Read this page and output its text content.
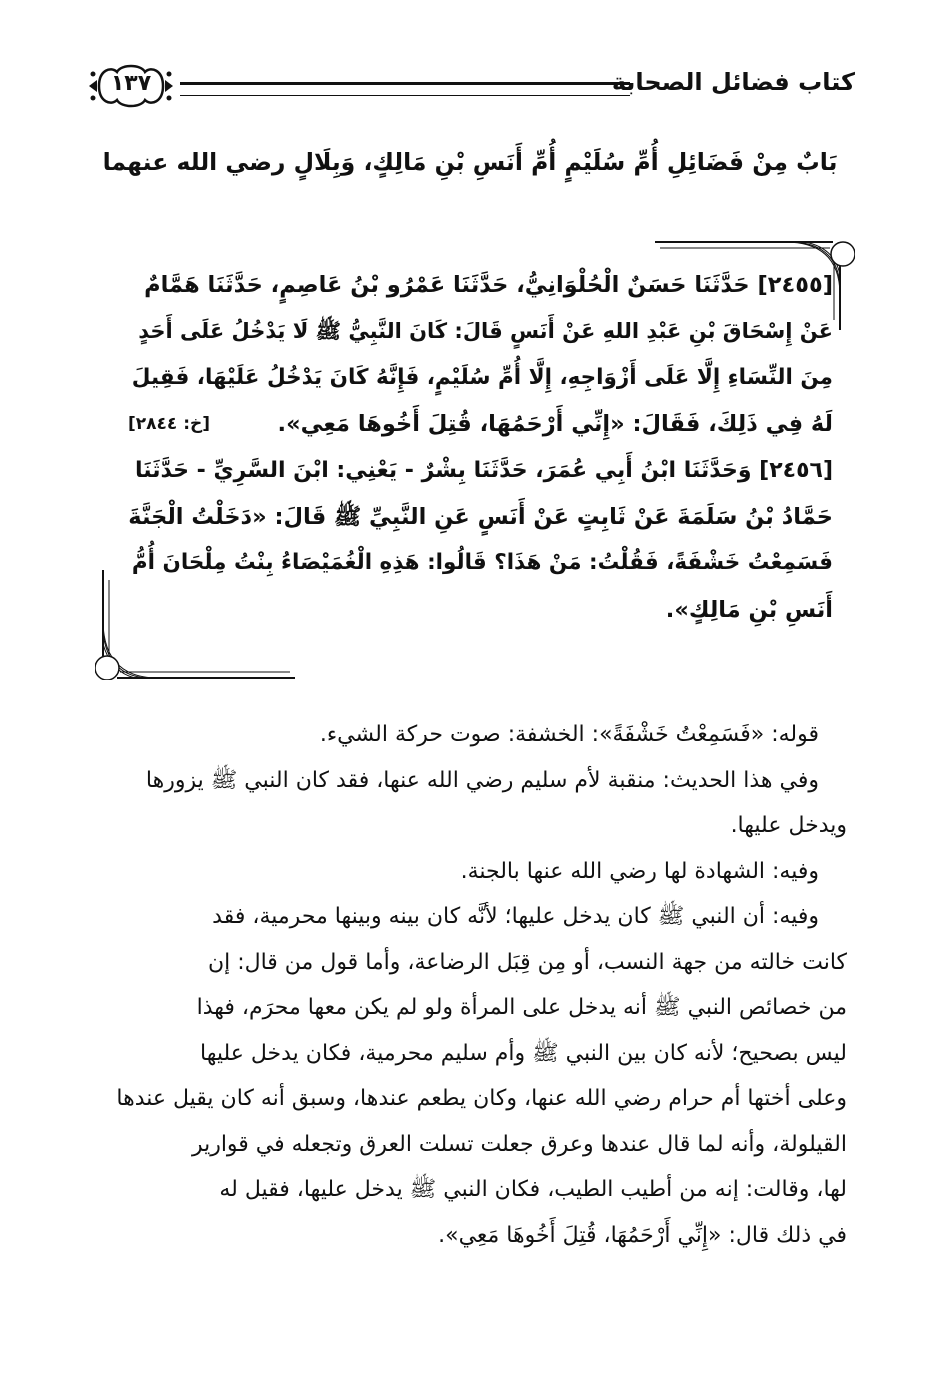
١٣٧	كتاب فضائل الصحابة
بَابٌ مِنْ فَضَائِلِ أُمِّ سُلَيْمٍ أُمِّ أَنَسِ بْنِ مَالِكٍ، وَبِلَالٍ رضي الله عنهما
[٢٤٥٥] حَدَّثَنَا حَسَنٌ الْحُلْوَانِيُّ، حَدَّثَنَا عَمْرُو بْنُ عَاصِمٍ، حَدَّثَنَا هَمَّامٌ
عَنْ إِسْحَاقَ بْنِ عَبْدِ اللهِ عَنْ أَنَسٍ قَالَ: كَانَ النَّبِيُّ ﷺ لَا يَدْخُلُ عَلَى أَحَدٍ
مِنَ النِّسَاءِ إِلَّا عَلَى أَزْوَاجِهِ، إِلَّا أُمِّ سُلَيْمٍ، فَإِنَّهُ كَانَ يَدْخُلُ عَلَيْهَا، فَقِيلَ
لَهُ فِي ذَلِكَ، فَقَالَ: «إِنِّي أَرْحَمُهَا، قُتِلَ أَخُوهَا مَعِي».
[خ: ٢٨٤٤]
[٢٤٥٦] وَحَدَّثَنَا ابْنُ أَبِي عُمَرَ، حَدَّثَنَا بِشْرٌ - يَعْنِي: ابْنَ السَّرِيِّ - حَدَّثَنَا
حَمَّادُ بْنُ سَلَمَةَ عَنْ ثَابِتٍ عَنْ أَنَسٍ عَنِ النَّبِيِّ ﷺ قَالَ: «دَخَلْتُ الْجَنَّةَ
فَسَمِعْتُ خَشْفَةً، فَقُلْتُ: مَنْ هَذَا؟ قَالُوا: هَذِهِ الْغُمَيْصَاءُ بِنْتُ مِلْحَانَ أُمُّ
أَنَسِ بْنِ مَالِكٍ».
قوله: «فَسَمِعْتُ خَشْفَةً»: الخشفة: صوت حركة الشيء.
وفي هذا الحديث: منقبة لأم سليم رضي الله عنها، فقد كان النبي ﷺ يزورها
ويدخل عليها.
وفيه: الشهادة لها رضي الله عنها بالجنة.
وفيه: أن النبي ﷺ كان يدخل عليها؛ لأنَّه كان بينه وبينها محرمية، فقد
كانت خالته من جهة النسب، أو مِن قِبَل الرضاعة، وأما قول من قال: إن
من خصائص النبي ﷺ أنه يدخل على المرأة ولو لم يكن معها محرَم، فهذا
ليس بصحيح؛ لأنه كان بين النبي ﷺ وأم سليم محرمية، فكان يدخل عليها
وعلى أختها أم حرام رضي الله عنها، وكان يطعم عندها، وسبق أنه كان يقيل عندها
القيلولة، وأنه لما قال عندها وعرق جعلت تسلت العرق وتجعله في قوارير
لها، وقالت: إنه من أطيب الطيب، فكان النبي ﷺ يدخل عليها، فقيل له
في ذلك قال: «إِنِّي أَرْحَمُهَا، قُتِلَ أَخُوهَا مَعِي».
